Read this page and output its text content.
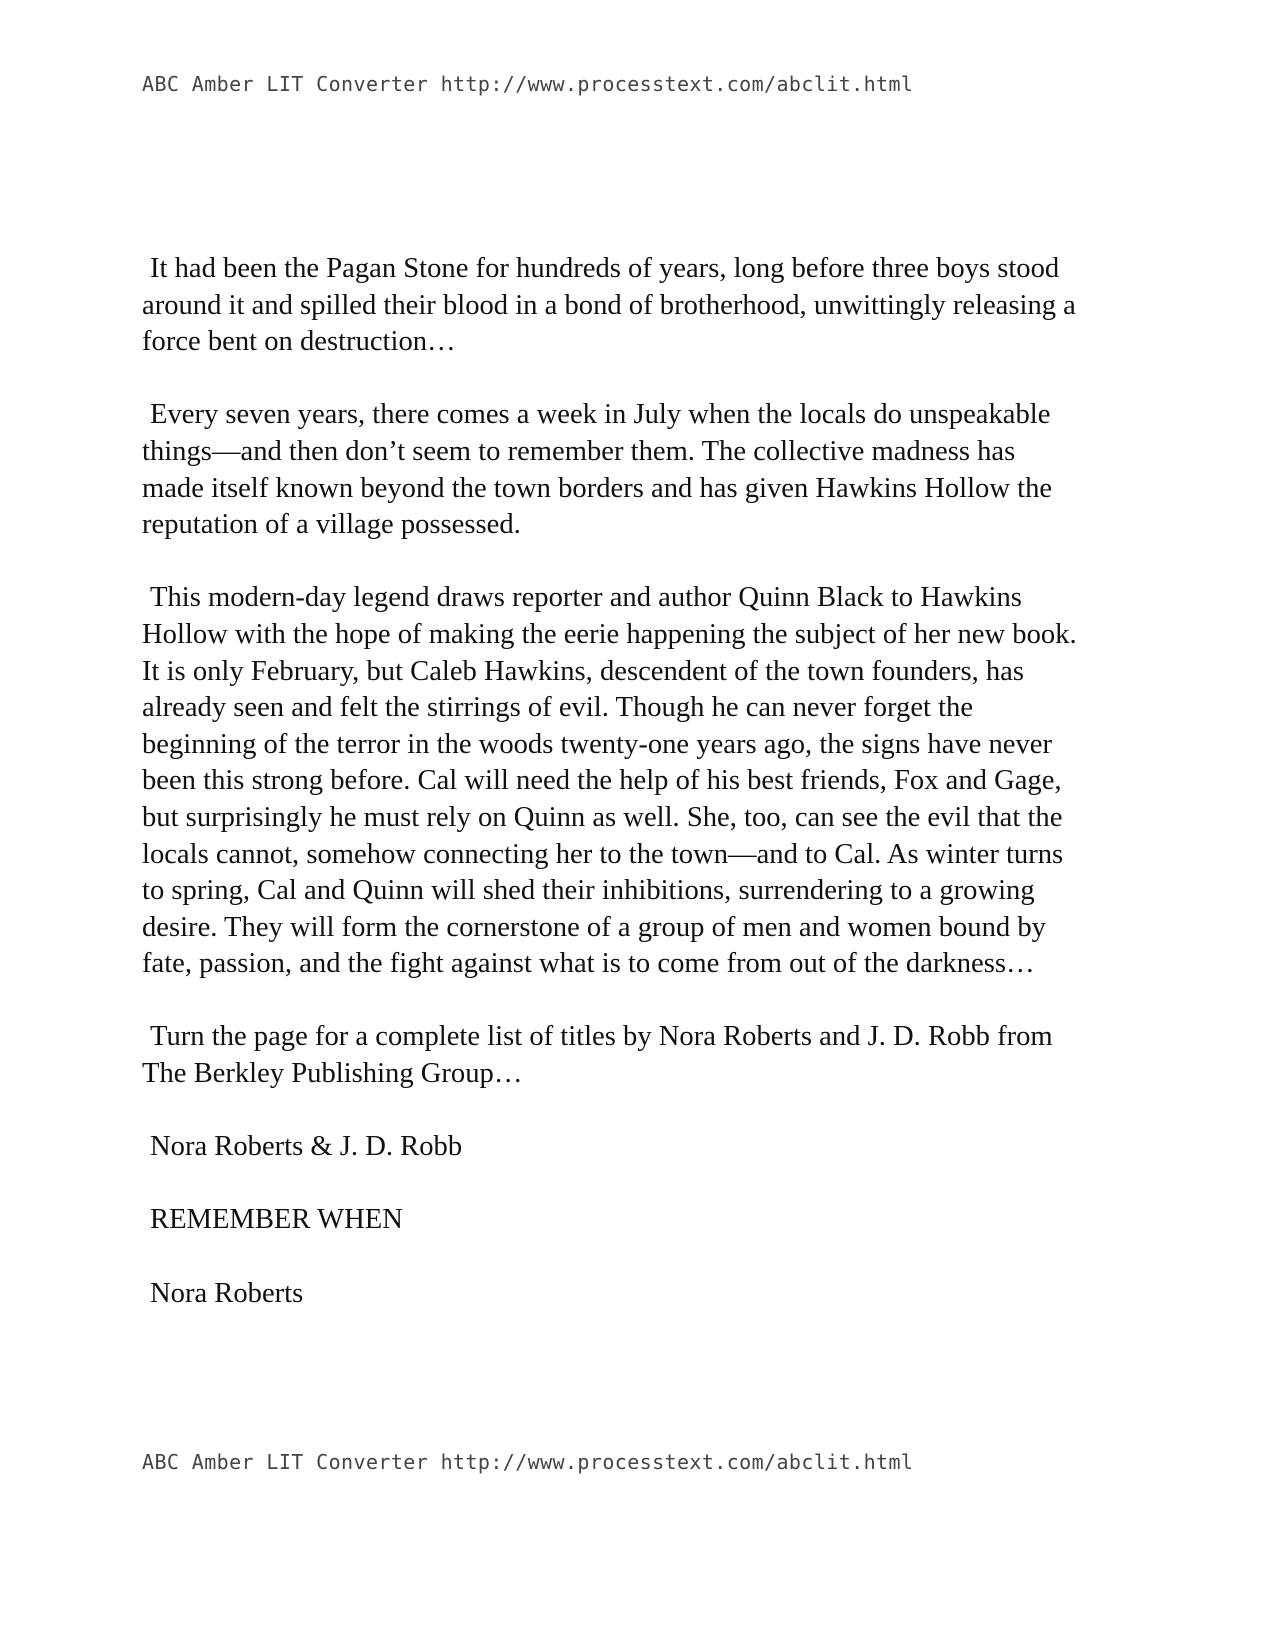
ABC Amber LIT Converter http://www.processtext.com/abclit.html

It had been the Pagan Stone for hundreds of years, long before three boys stood around it and spilled their blood in a bond of brotherhood, unwittingly releasing a force bent on destruction…

Every seven years, there comes a week in July when the locals do unspeakable things—and then don’t seem to remember them. The collective madness has made itself known beyond the town borders and has given Hawkins Hollow the reputation of a village possessed.

This modern-day legend draws reporter and author Quinn Black to Hawkins Hollow with the hope of making the eerie happening the subject of her new book. It is only February, but Caleb Hawkins, descendent of the town founders, has already seen and felt the stirrings of evil. Though he can never forget the beginning of the terror in the woods twenty-one years ago, the signs have never been this strong before. Cal will need the help of his best friends, Fox and Gage, but surprisingly he must rely on Quinn as well. She, too, can see the evil that the locals cannot, somehow connecting her to the town—and to Cal. As winter turns to spring, Cal and Quinn will shed their inhibitions, surrendering to a growing desire. They will form the cornerstone of a group of men and women bound by fate, passion, and the fight against what is to come from out of the darkness…

Turn the page for a complete list of titles by Nora Roberts and J. D. Robb from The Berkley Publishing Group…

Nora Roberts & J. D. Robb

REMEMBER WHEN

Nora Roberts

ABC Amber LIT Converter http://www.processtext.com/abclit.html
